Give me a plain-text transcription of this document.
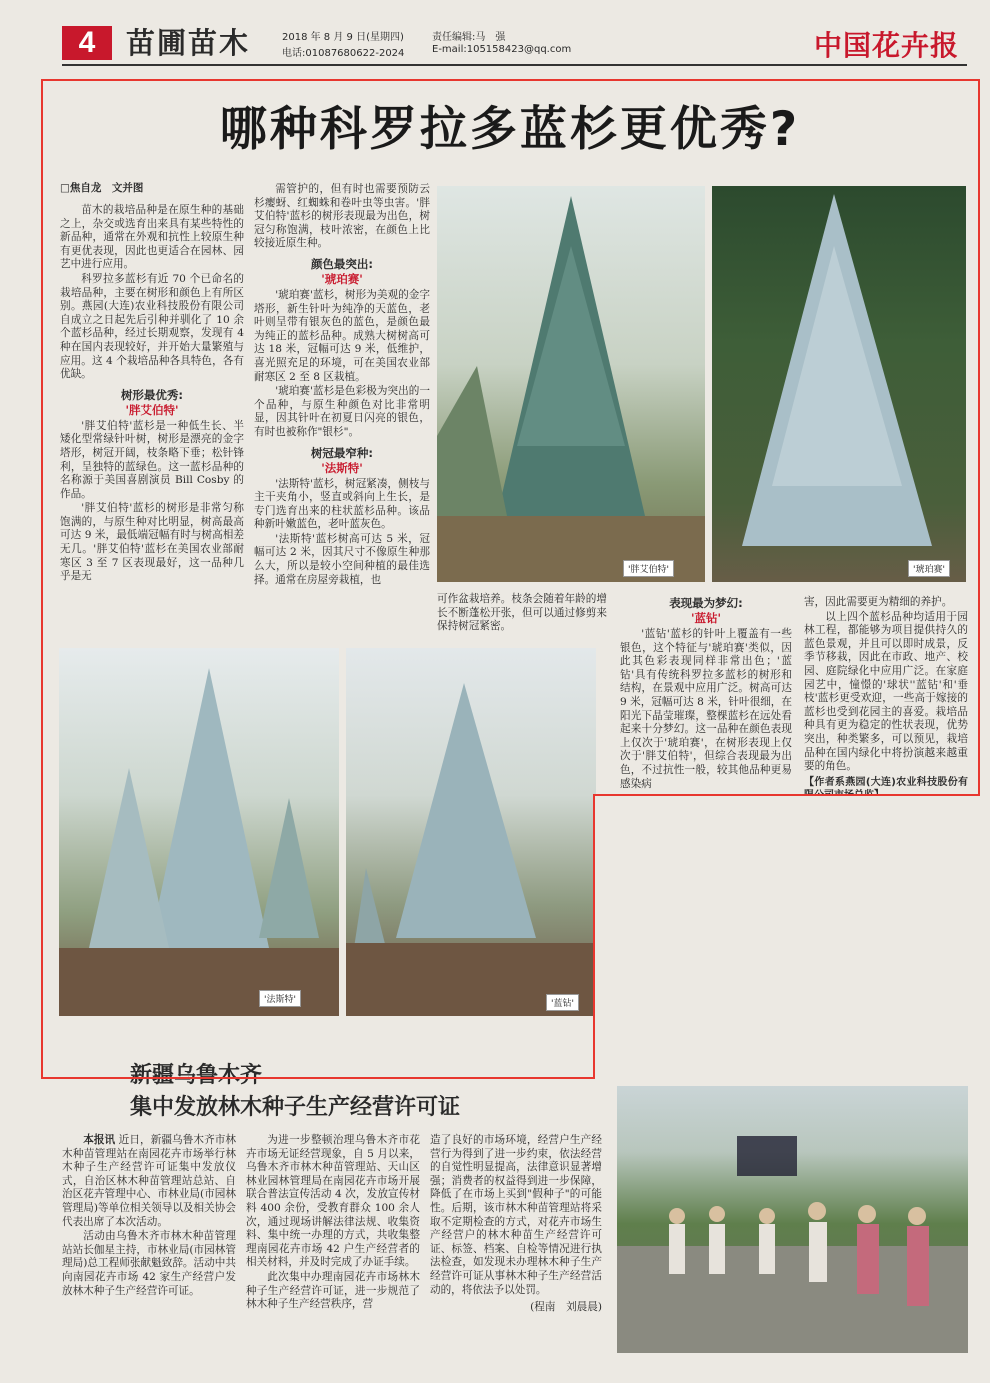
4	苗圃苗木	2018 年 8 月 9 日(星期四)
电话:01087680622-2024
责任编辑:马　强
E-mail:105158423@qq.com	中国花卉报
哪种科罗拉多蓝杉更优秀?
□焦自龙　文并图

苗木的栽培品种是在原生种的基础之上，杂交或选育出来具有某些特性的新品种，通常在外观和抗性上较原生种有更优表现，因此也更适合在园林、园艺中进行应用。

科罗拉多蓝杉有近 70 个已命名的栽培品种，主要在树形和颜色上有所区别。燕园(大连)农业科技股份有限公司自成立之日起先后引种并驯化了 10 余个蓝杉品种，经过长期观察，发现有 4 种在国内表现较好，并开始大量繁殖与应用。这 4 个栽培品种各具特色，各有优缺。

树形最优秀:
'胖艾伯特'

'胖艾伯特'蓝杉是一种低生长、半矮化型常绿针叶树，树形是漂亮的金字塔形，树冠开阔，枝条略下垂；松针锋利，呈独特的蓝绿色。这一蓝杉品种的名称源于美国喜剧演员 Bill Cosby 的作品。

'胖艾伯特'蓝杉的树形是非常匀称饱满的，与原生种对比明显，树高最高可达 9 米，最低端冠幅有时与树高相差无几。'胖艾伯特'蓝杉在美国农业部耐寒区 3 至 7 区表现最好，这一品种几乎是无

需管护的，但有时也需要预防云杉瘿蚜、红蜘蛛和卷叶虫等虫害。'胖艾伯特'蓝杉的树形表现最为出色，树冠匀称饱满，枝叶浓密，在颜色上比较接近原生种。

颜色最突出:
'琥珀赛'

'琥珀赛'蓝杉，树形为美观的金字塔形，新生针叶为纯净的天蓝色，老叶则呈带有银灰色的蓝色，是颜色最为纯正的蓝杉品种。成熟大树树高可达 18 米，冠幅可达 9 米，低维护，喜光照充足的环境，可在美国农业部耐寒区 2 至 8 区栽植。

'琥珀赛'蓝杉是色彩极为突出的一个品种，与原生种颜色对比非常明显，因其针叶在初夏日闪亮的银色，有时也被称作"银杉"。

树冠最窄种:
'法斯特'

'法斯特'蓝杉，树冠紧凑，侧枝与主干夹角小，竖直或斜向上生长，是专门选育出来的柱状蓝杉品种。该品种新叶嫩蓝色，老叶蓝灰色。

'法斯特'蓝杉树高可达 5 米，冠幅可达 2 米，因其尺寸不像原生种那么大，所以是较小空间种植的最佳选择。通常在房屋旁栽植，也

'胖艾伯特'	'琥珀赛'

可作盆栽培养。枝条会随着年龄的增长不断蓬松开张，但可以通过修剪来保持树冠紧密。

'法斯特'	'蓝钻'
表现最为梦幻:
'蓝钻'

'蓝钻'蓝杉的针叶上覆盖有一些银色，这个特征与'琥珀赛'类似，因此其色彩表现同样非常出色；'蓝钻'具有传统科罗拉多蓝杉的树形和结构，在景观中应用广泛。树高可达 9 米，冠幅可达 8 米，针叶很细，在阳光下晶莹璀璨，整棵蓝杉在远处看起来十分梦幻。这一品种在颜色表现上仅次于'琥珀赛'，在树形表现上仅次于'胖艾伯特'，但综合表现最为出色，不过抗性一般，较其他品种更易感染病

害，因此需要更为精细的养护。

以上四个蓝杉品种均适用于园林工程，都能够为项目提供持久的蓝色景观，并且可以即时成景，反季节移栽，因此在市政、地产、校园、庭院绿化中应用广泛。在家庭园艺中，憧憬的'球状''蓝钻'和'垂枝'蓝杉更受欢迎，一些高于嫁接的蓝杉也受到花园主的喜爱。栽培品种具有更为稳定的性状表现，优势突出，种类繁多，可以预见，栽培品种在国内绿化中将扮演越来越重要的角色。

【作者系燕园(大连)农业科技股份有

新疆乌鲁木齐
集中发放林木种子生产经营许可证

本报讯 近日，新疆乌鲁木齐市林木种苗管理站在南园花卉市场举行林木种子生产经营许可证集中发放仪式，自治区林木种苗管理站总站、自治区花卉管理中心、市林业局(市园林管理局)等单位相关领导以及相关协会代表出席了本次活动。

活动由乌鲁木齐市林木种苗管理站站长伽星主持，市林业局(市园林管理局)总工程师张献魁致辞。活动中共向南园花卉市场 42 家生产经营户发放林木种子生产经营许可证。

为进一步整顿治理乌鲁木齐市花卉市场无证经营现象，自 5 月以来，乌鲁木齐市林木种苗管理站、天山区林业园林管理局在南园花卉市场开展联合普法宣传活动 4 次，发放宣传材料 400 余份，受教育群众 100 余人次，通过现场讲解法律法规、收集资料、集中统一办理的方式，共收集整理南园花卉市场 42 户生产经营者的相关材料，并及时完成了办证手续。

此次集中办理南园花卉市场林木种子生产经营许可证，进一步规范了林木种子生产经营秩序，营

造了良好的市场环境，经营户生产经营行为得到了进一步约束，依法经营的自觉性明显提高，法律意识显著增强；消费者的权益得到进一步保障，降低了在市场上买到"假种子"的可能性。后期，该市林木种苗管理站将采取不定期检查的方式，对花卉市场生产经营户的林木种苗生产经营许可证、标签、档案、自检等情况进行执法检查，如发现未办理林木种子生产经营许可证从事林木种子生产经营活动的，将依法予以处罚。

(程南　刘晨晨)
